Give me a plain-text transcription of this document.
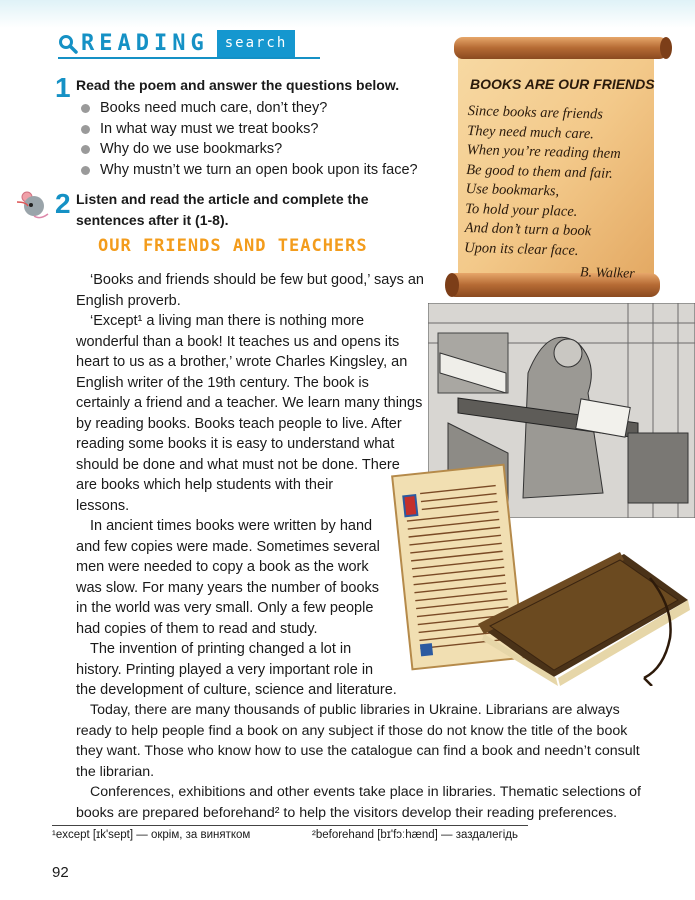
READING	search
1 Read the poem and answer the questions below.
Books need much care, don’t they?
In what way must we treat books?
Why do we use bookmarks?
Why mustn’t we turn an open book upon its face?
2 Listen and read the article and complete the
sentences after it (1-8).
BOOKS ARE OUR FRIENDS
Since books are friends
They need much care.
When you’re reading them
Be good to them and fair.
Use bookmarks,
To hold your place.
And don’t turn a book
Upon its clear face.
B. Walker
OUR FRIENDS AND TEACHERS
‘Books and friends should be few but good,’ says an
English proverb.
‘Except¹ a living man there is nothing more
wonderful than a book! It teaches us and opens its
heart to us as a brother,’ wrote Charles Kingsley, an
English writer of the 19th century. The book is
certainly a friend and a teacher. We learn many things
by reading books. Books teach people to live. After
reading some books it is easy to understand what
should be done and what must not be done. There
are books which help students with their
lessons.
In ancient times books were written by hand
and few copies were made. Sometimes several
men were needed to copy a book as the work
was slow. For many years the number of books
in the world was very small. Only a few people
had copies of them to read and study.
The invention of printing changed a lot in
history. Printing played a very important role in
the development of culture, science and literature.
Today, there are many thousands of public libraries in Ukraine. Librarians are always
ready to help people find a book on any subject if those do not know the title of the book
they want. Those who know how to use the catalogue can find a book and needn’t consult
the librarian.
Conferences, exhibitions and other events take place in libraries. Thematic selections of
books are prepared beforehand² to help the visitors develop their reading preferences.
¹except [ɪk'sept] — окрім, за винятком	²beforehand [bɪ'fɔːhænd] — заздалегідь
92
